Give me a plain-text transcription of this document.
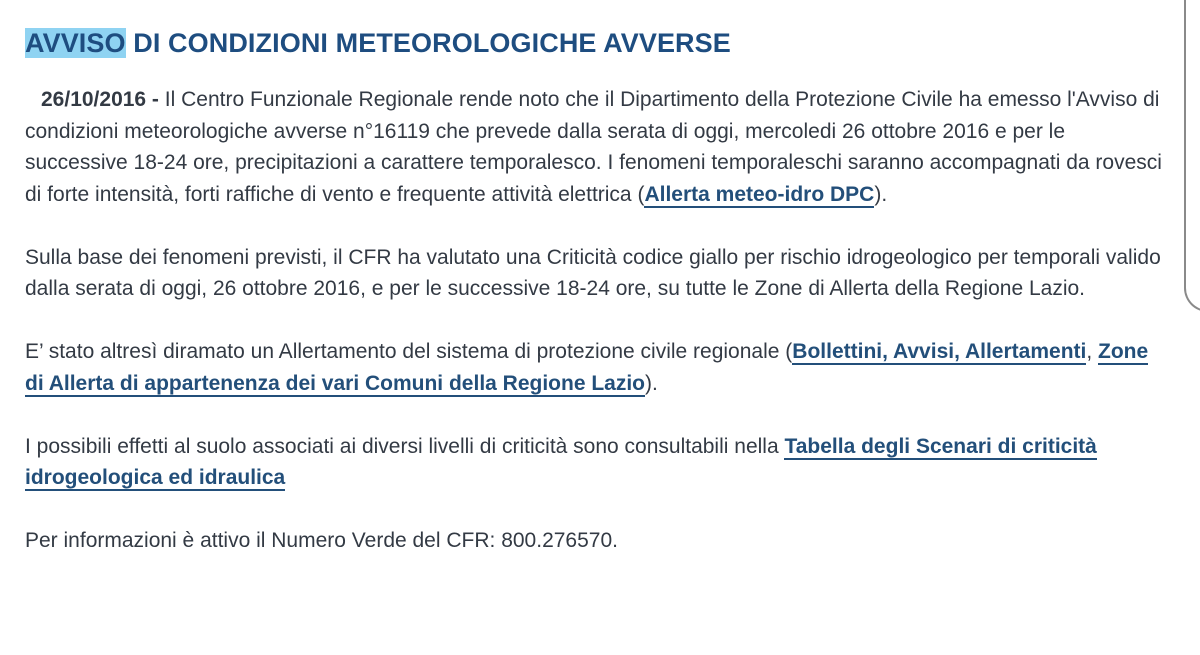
AVVISO DI CONDIZIONI METEOROLOGICHE AVVERSE

26/10/2016 - Il Centro Funzionale Regionale rende noto che il Dipartimento della Protezione Civile ha emesso l'Avviso di condizioni meteorologiche avverse n°16119 che prevede dalla serata di oggi, mercoledi 26 ottobre 2016 e per le successive 18-24 ore, precipitazioni a carattere temporalesco. I fenomeni temporaleschi saranno accompagnati da rovesci di forte intensità, forti raffiche di vento e frequente attività elettrica (Allerta meteo-idro DPC).

Sulla base dei fenomeni previsti, il CFR ha valutato una Criticità codice giallo per rischio idrogeologico per temporali valido dalla serata di oggi, 26 ottobre 2016, e per le successive 18-24 ore, su tutte le Zone di Allerta della Regione Lazio.

E’ stato altresì diramato un Allertamento del sistema di protezione civile regionale (Bollettini, Avvisi, Allertamenti, Zone di Allerta di appartenenza dei vari Comuni della Regione Lazio).

I possibili effetti al suolo associati ai diversi livelli di criticità sono consultabili nella Tabella degli Scenari di criticità idrogeologica ed idraulica

Per informazioni è attivo il Numero Verde del CFR: 800.276570.
